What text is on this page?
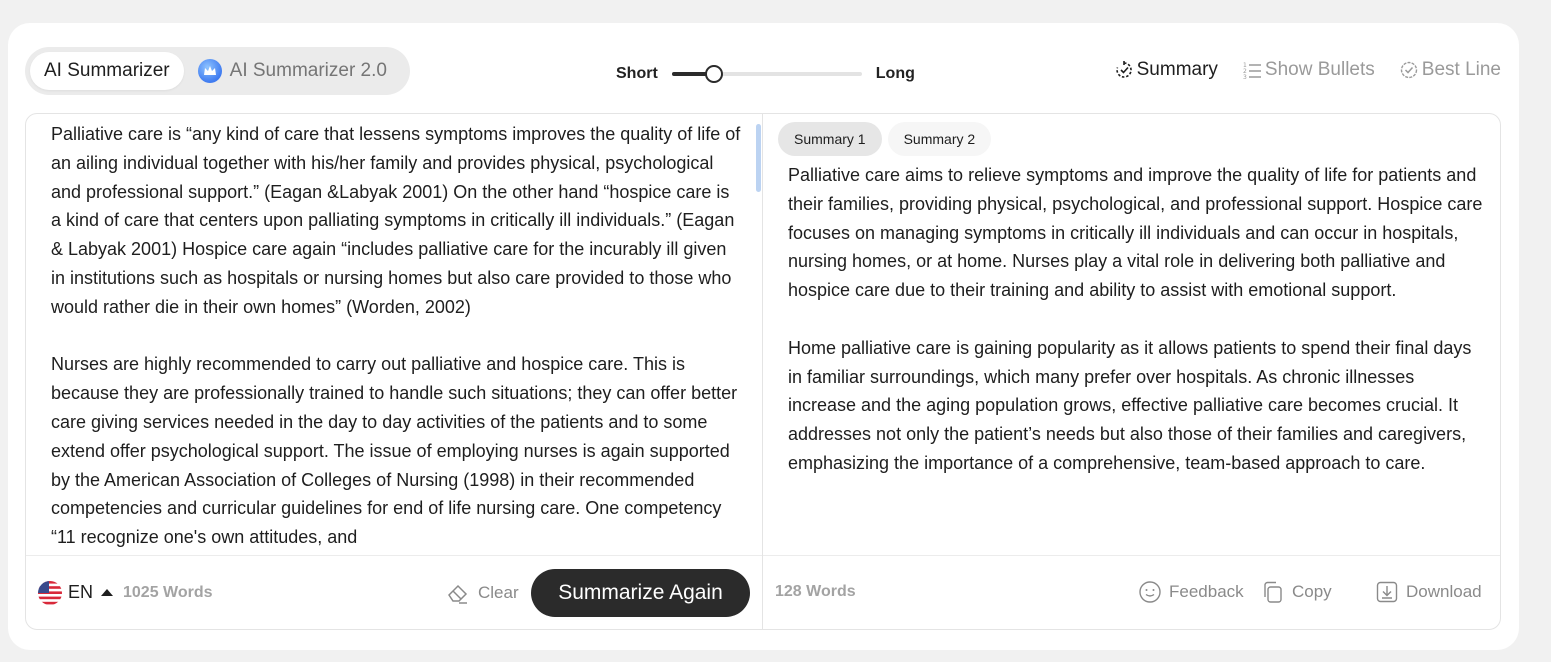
AI Summarizer	AI Summarizer 2.0	Short	Long	Summary	1
2
3 Show Bullets Best Line

Palliative care is “any kind of care that lessens symptoms improves the quality of life of an ailing individual together with his/her family and provides physical, psychological and professional support.” (Eagan &Labyak 2001) On the other hand “hospice care is a kind of care that centers upon palliating symptoms in critically ill individuals.” (Eagan & Labyak 2001) Hospice care again “includes palliative care for the incurably ill given in institutions such as hospitals or nursing homes but also care provided to those who would rather die in their own homes” (Worden, 2002)

Nurses are highly recommended to carry out palliative and hospice care. This is because they are professionally trained to handle such situations; they can offer better care giving services needed in the day to day activities of the patients and to some extend offer psychological support. The issue of employing nurses is again supported by the American Association of Colleges of Nursing (1998) in their recommended competencies and curricular guidelines for end of life nursing care. One competency “11 recognize one's own attitudes, and

EN 1025 Words	Clear	Summarize Again
Summary 1	Summary 2

Palliative care aims to relieve symptoms and improve the quality of life for patients and their families, providing physical, psychological, and professional support. Hospice care focuses on managing symptoms in critically ill individuals and can occur in hospitals, nursing homes, or at home. Nurses play a vital role in delivering both palliative and hospice care due to their training and ability to assist with emotional support.

Home palliative care is gaining popularity as it allows patients to spend their final days in familiar surroundings, which many prefer over hospitals. As chronic illnesses increase and the aging population grows, effective palliative care becomes crucial. It addresses not only the patient’s needs but also those of their families and caregivers, emphasizing the importance of a comprehensive, team-based approach to care.

128 Words	Feedback	Copy	Download
